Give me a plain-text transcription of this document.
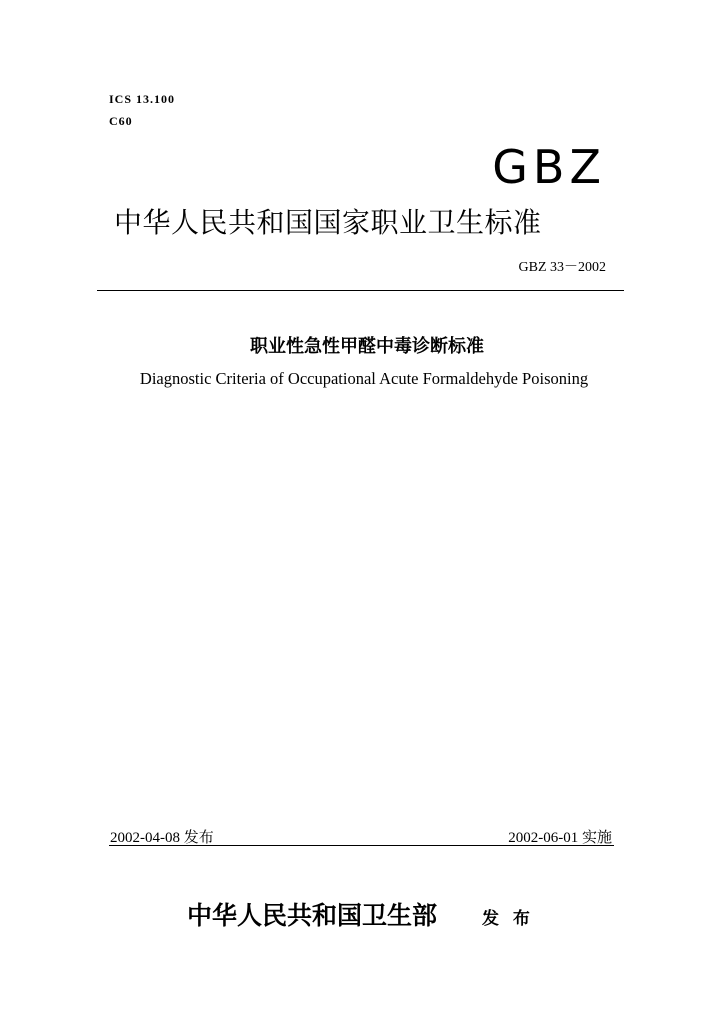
ICS 13.100
C60
GBZ
中华人民共和国国家职业卫生标准
GBZ 33－2002
职业性急性甲醛中毒诊断标准
Diagnostic Criteria of Occupational Acute Formaldehyde Poisoning
2002-04-08 发布	2002-06-01 实施
中华人民共和国卫生部	发 布
